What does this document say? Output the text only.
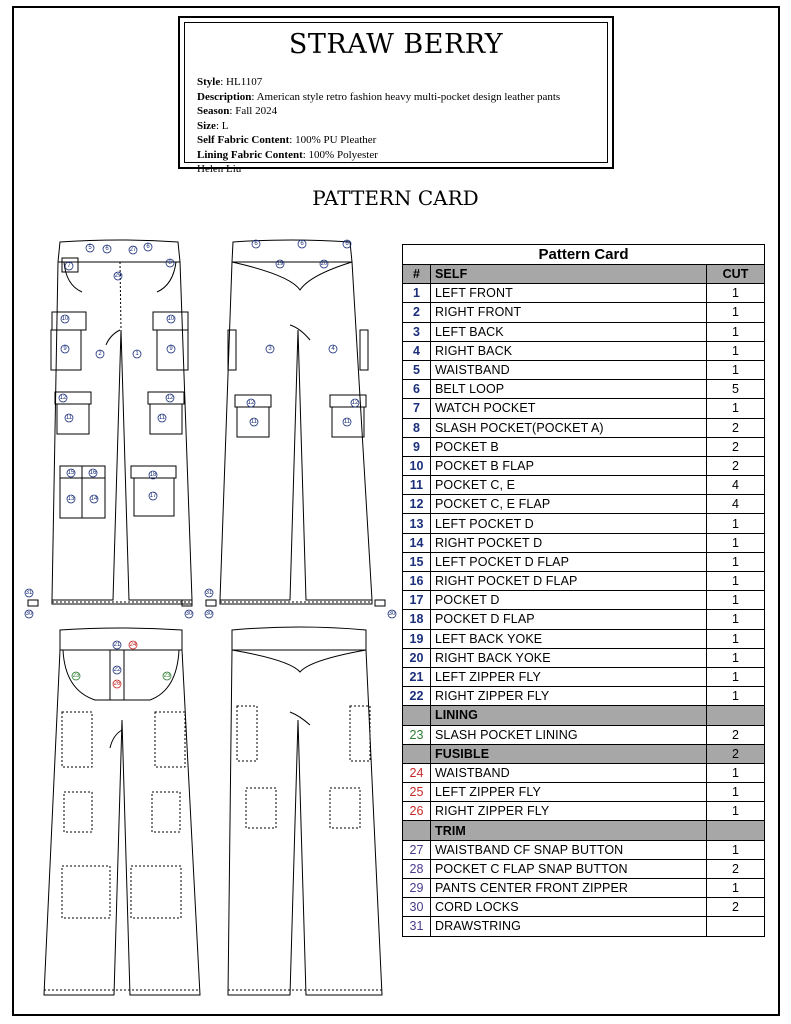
STRAW BERRY
Style: HL1107
Description: American style retro fashion heavy multi-pocket design leather pants
Season: Fall 2024
Size: L
Self Fabric Content: 100% PU Pleather
Lining Fabric Content: 100% Polyester
Helen Liu
PATTERN CARD
5 6	27 6
8
7
29
10	10
9
2	1
9
12	12
11	11
15	16	18
13	14	17
31
30	30
6	6	6
19	20
3	4
12	12
11	11
31
30	30
21
22
23	23
24
26
Pattern Card		
#	SELF	CUT
1	LEFT FRONT	1
2	RIGHT FRONT	1
3	LEFT BACK	1
4	RIGHT BACK	1
5	WAISTBAND	1
6	BELT LOOP	5
7	WATCH POCKET	1
8	SLASH POCKET(POCKET A)	2
9	POCKET B	2
10	POCKET B FLAP	2
11	POCKET C, E	4
12	POCKET C, E FLAP	4
13	LEFT POCKET D	1
14	RIGHT POCKET D	1
15	LEFT POCKET D FLAP	1
16	RIGHT POCKET D FLAP	1
17	POCKET D	1
18	POCKET D FLAP	1
19	LEFT BACK YOKE	1
20	RIGHT BACK YOKE	1
21	LEFT ZIPPER FLY	1
22	RIGHT ZIPPER FLY	1
	LINING	
23	SLASH POCKET LINING	2
	FUSIBLE	2
24	WAISTBAND	1
25	LEFT ZIPPER FLY	1
26	RIGHT ZIPPER FLY	1
	TRIM	
27	WAISTBAND CF SNAP BUTTON	1
28	POCKET C FLAP SNAP BUTTON	2
29	PANTS CENTER FRONT ZIPPER	1
30	CORD LOCKS	2
31	DRAWSTRING	
